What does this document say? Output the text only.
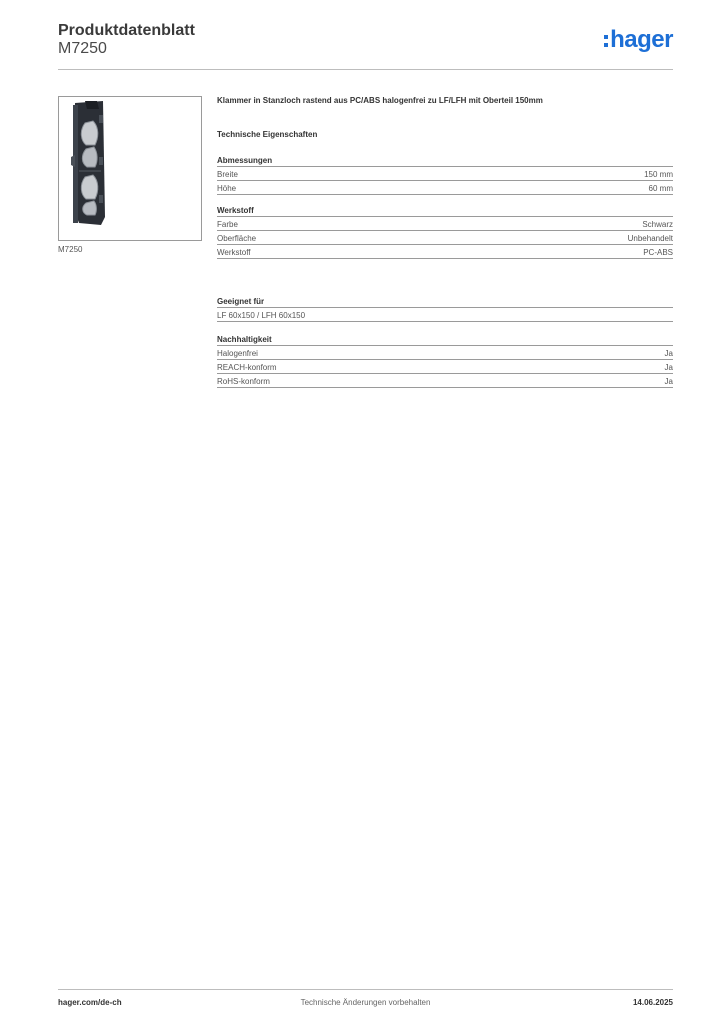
Produktdatenblatt
M7250	hager
M7250
Klammer in Stanzloch rastend aus PC/ABS halogenfrei zu LF/LFH mit Oberteil 150mm
Technische Eigenschaften
Abmessungen
Breite	150 mm
Höhe	60 mm
Werkstoff
Farbe	Schwarz
Oberfläche	Unbehandelt
Werkstoff	PC-ABS
Geeignet für
LF 60x150 / LFH 60x150
Nachhaltigkeit
Halogenfrei	Ja
REACH-konform	Ja
RoHS-konform	Ja
hager.com/de-ch	Technische Änderungen vorbehalten	14.06.2025
